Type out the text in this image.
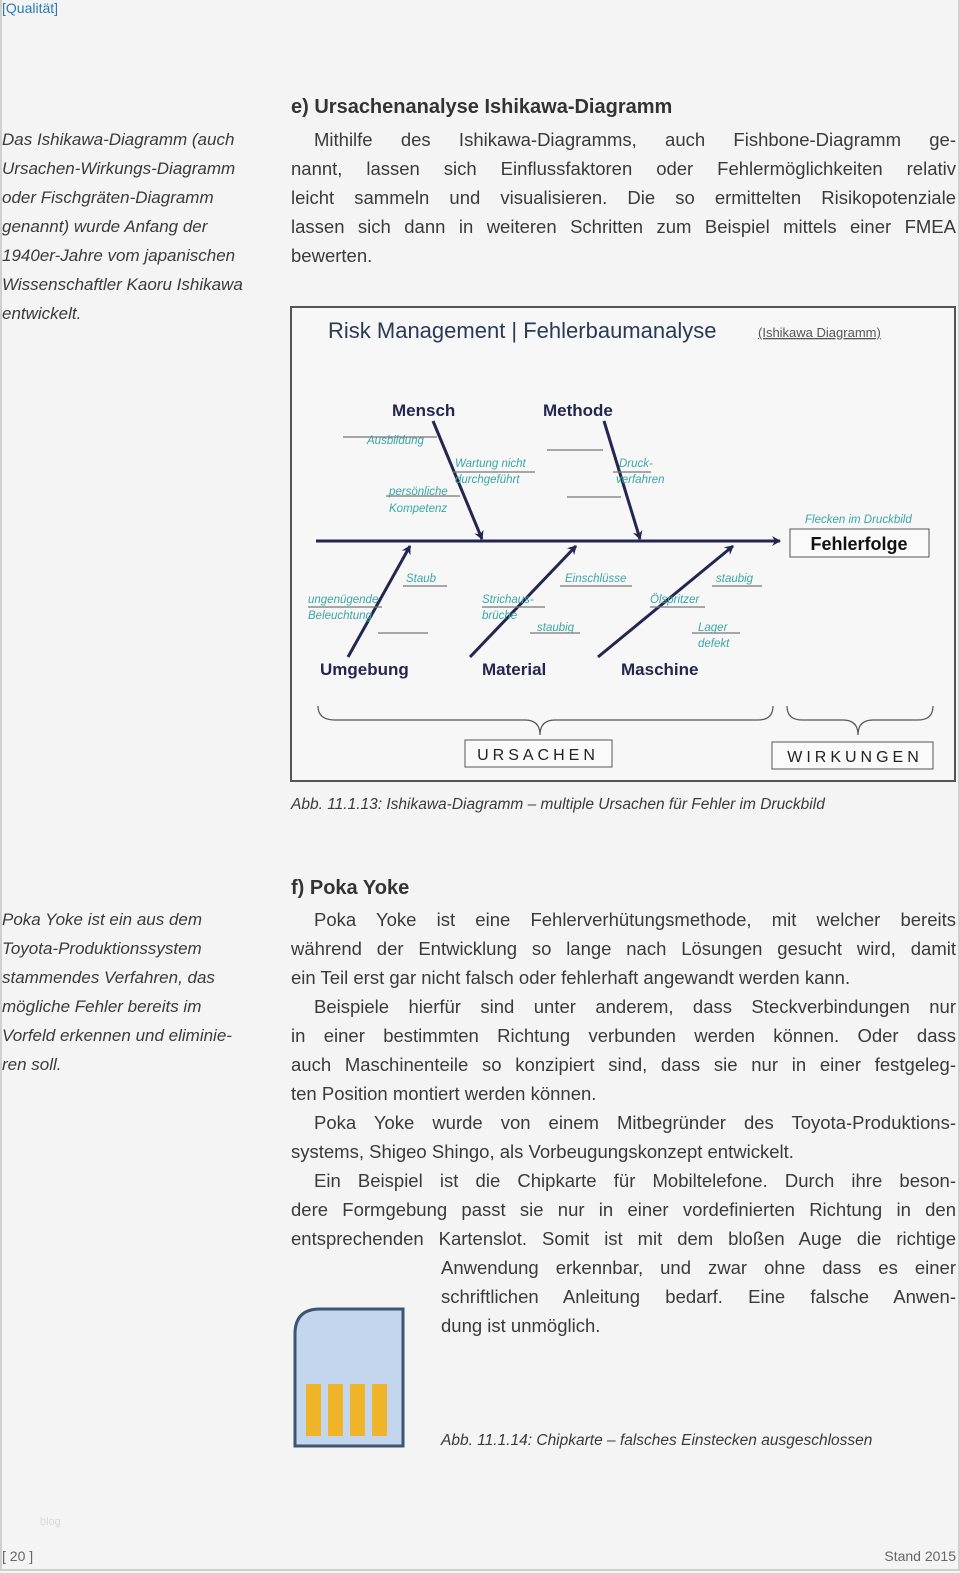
[Qualität]
e) Ursachenanalyse Ishikawa-Diagramm
Mithilfe des Ishikawa-Diagramms, auch Fishbone-Diagramm ge-
nannt, lassen sich Einflussfaktoren oder Fehlermöglichkeiten relativ
leicht sammeln und visualisieren. Die so ermittelten Risikopotenziale
lassen sich dann in weiteren Schritten zum Beispiel mittels einer FMEA
bewerten.
Das Ishikawa-Diagramm (auch
Ursachen-Wirkungs-Diagramm
oder Fischgräten-Diagramm
genannt) wurde Anfang der
1940er-Jahre vom japanischen
Wissenschaftler Kaoru Ishikawa
entwickelt.
Risk Management | Fehlerbaumanalyse	(Ishikawa Diagramm)
Mensch	Methode
Umgebung	Material	Maschine
Ausbildung
Wartung nicht
durchgeführt
persönliche
Kompetenz
Druck-
verfahren
Staub
ungenügende
Beleuchtung
Einschlüsse
Strichaus-
brüche
staubig
staubig
Ölspritzer
Lager
defekt
Flecken im Druckbild
Fehlerfolge
URSACHEN	WIRKUNGEN
Abb. 11.1.13: Ishikawa-Diagramm – multiple Ursachen für Fehler im Druckbild
f) Poka Yoke
Poka Yoke ist eine Fehlerverhütungsmethode, mit welcher bereits
während der Entwicklung so lange nach Lösungen gesucht wird, damit
ein Teil erst gar nicht falsch oder fehlerhaft angewandt werden kann.
Beispiele hierfür sind unter anderem, dass Steckverbindungen nur
in einer bestimmten Richtung verbunden werden können. Oder dass
auch Maschinenteile so konzipiert sind, dass sie nur in einer festgeleg-
ten Position montiert werden können.
Poka Yoke wurde von einem Mitbegründer des Toyota-Produktions-
systems, Shigeo Shingo, als Vorbeugungskonzept entwickelt.
Ein Beispiel ist die Chipkarte für Mobiltelefone. Durch ihre beson-
dere Formgebung passt sie nur in einer vordefinierten Richtung in den
entsprechenden Kartenslot. Somit ist mit dem bloßen Auge die richtige
Anwendung erkennbar, und zwar ohne dass es einer
schriftlichen Anleitung bedarf. Eine falsche Anwen-
dung ist unmöglich.
Poka Yoke ist ein aus dem
Toyota-Produktionssystem
stammendes Verfahren, das
mögliche Fehler bereits im
Vorfeld erkennen und eliminie-
ren soll.
Abb. 11.1.14: Chipkarte – falsches Einstecken ausgeschlossen
blog
[ 20 ]	Stand 2015
